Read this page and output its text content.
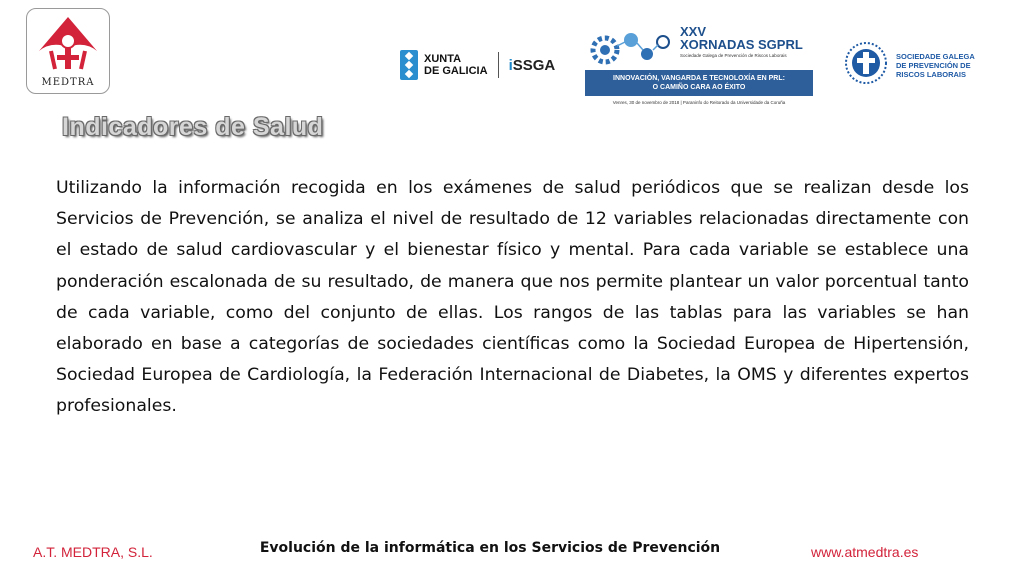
MEDTRA
XUNTA
DE GALICIA iSSGA
XXV
XORNADAS SGPRL
Sociedade Galega de Prevención de Riscos Laborais
INNOVACIÓN, VANGARDA E TECNOLOXÍA EN PRL:
O CAMIÑO CARA AO ÉXITO
Venres, 30 de novembro de 2018 | Paraninfo do Reitorado da Universidade da Coruña
SOCIEDADE GALEGA
DE PREVENCIÓN DE
RISCOS LABORAIS
Indicadores de Salud

Utilizando la información recogida en los exámenes de salud periódicos que se realizan desde los Servicios de Prevención, se analiza el nivel de resultado de 12 variables relacionadas directamente con el estado de salud cardiovascular y el bienestar físico y mental. Para cada variable se establece una ponderación escalonada de su resultado, de manera que nos permite plantear un valor porcentual tanto de cada variable, como del conjunto de ellas. Los rangos de las tablas para las variables se han elaborado en base a categorías de sociedades científicas como la Sociedad Europea de Hipertensión, Sociedad Europea de Cardiología, la Federación Internacional de Diabetes, la OMS y diferentes expertos profesionales.

A.T. MEDTRA, S.L.	Evolución de la informática en los Servicios de Prevención	www.atmedtra.es
